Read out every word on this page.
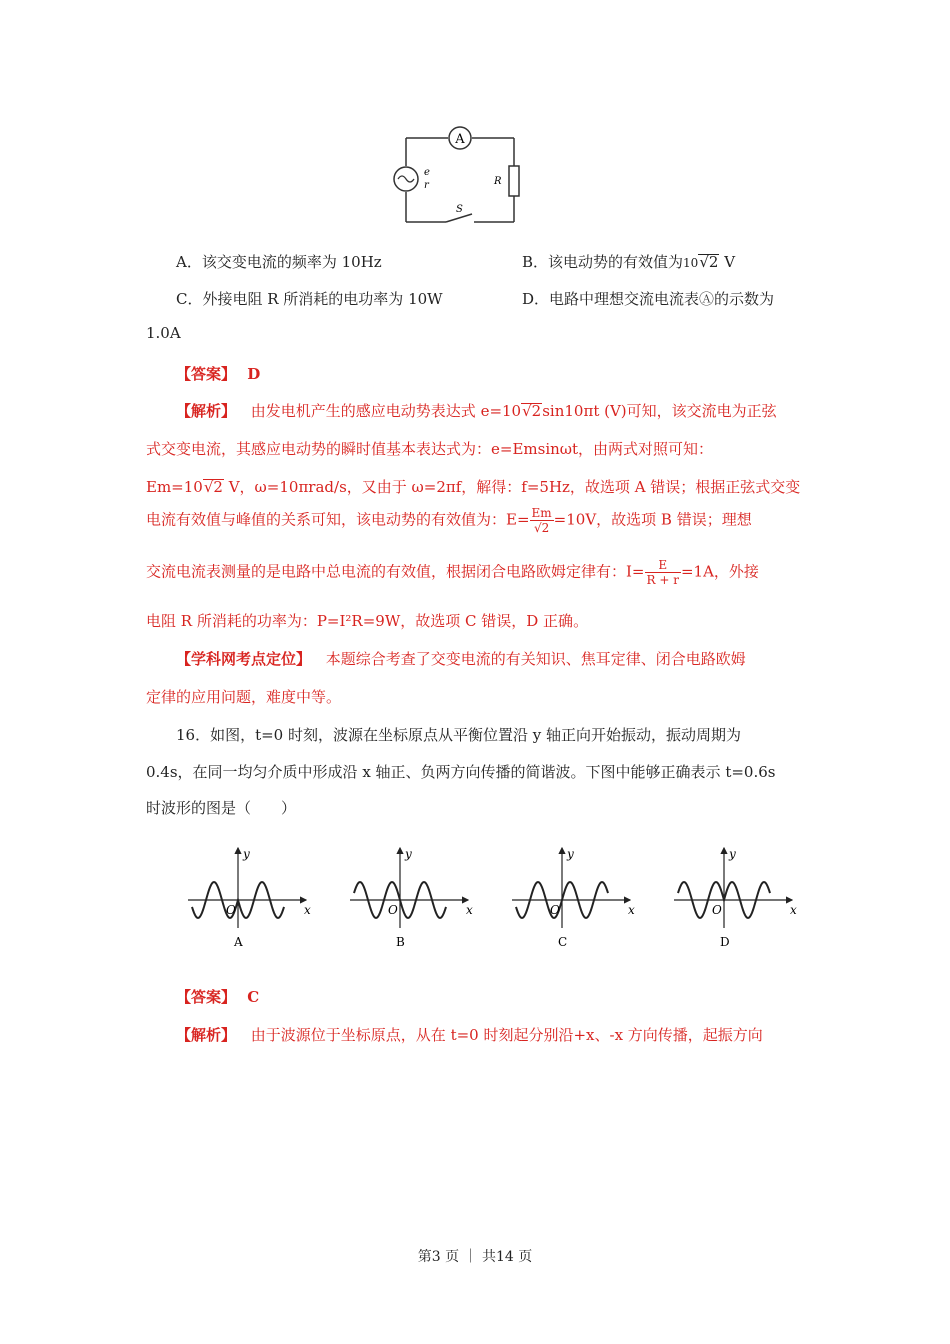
A
e
r	R
S
A．该交变电流的频率为 10Hz	B．该电动势的有效值为10√2 V
C．外接电阻 R 所消耗的电功率为 10W	D．电路中理想交流电流表Ⓐ的示数为
1.0A
【答案】 D
【解析】 由发电机产生的感应电动势表达式 e=10√2sin10πt (V)可知，该交流电为正弦
式交变电流，其感应电动势的瞬时值基本表达式为：e=Emsinωt，由两式对照可知：
Em=10√2 V，ω=10πrad/s，又由于 ω=2πf，解得：f=5Hz，故选项 A 错误；根据正弦式交变
电流有效值与峰值的关系可知，该电动势的有效值为：$E= \frac{Em}{√2} =10V$，故选项 B 错误；理想
交流电流表测量的是电路中总电流的有效值，根据闭合电路欧姆定律有：$I= \frac{E}{R + r} =1A$，外接
电阻 R 所消耗的功率为：P=I²R=9W，故选项 C 错误，D 正确。
【学科网考点定位】 本题综合考查了交变电流的有关知识、焦耳定律、闭合电路欧姆
定律的应用问题，难度中等。
16．如图，t=0 时刻，波源在坐标原点从平衡位置沿 y 轴正向开始振动，振动周期为
0.4s，在同一均匀介质中形成沿 x 轴正、负两方向传播的简谐波。下图中能够正确表示 t=0.6s
时波形的图是（　　）
y
x
O
A
y
x
O
B
y
x
O
C
y
x
O
D
【答案】 C
【解析】 由于波源位于坐标原点，从在 t=0 时刻起分别沿+x、-x 方向传播，起振方向
第3 页 ｜ 共14 页
